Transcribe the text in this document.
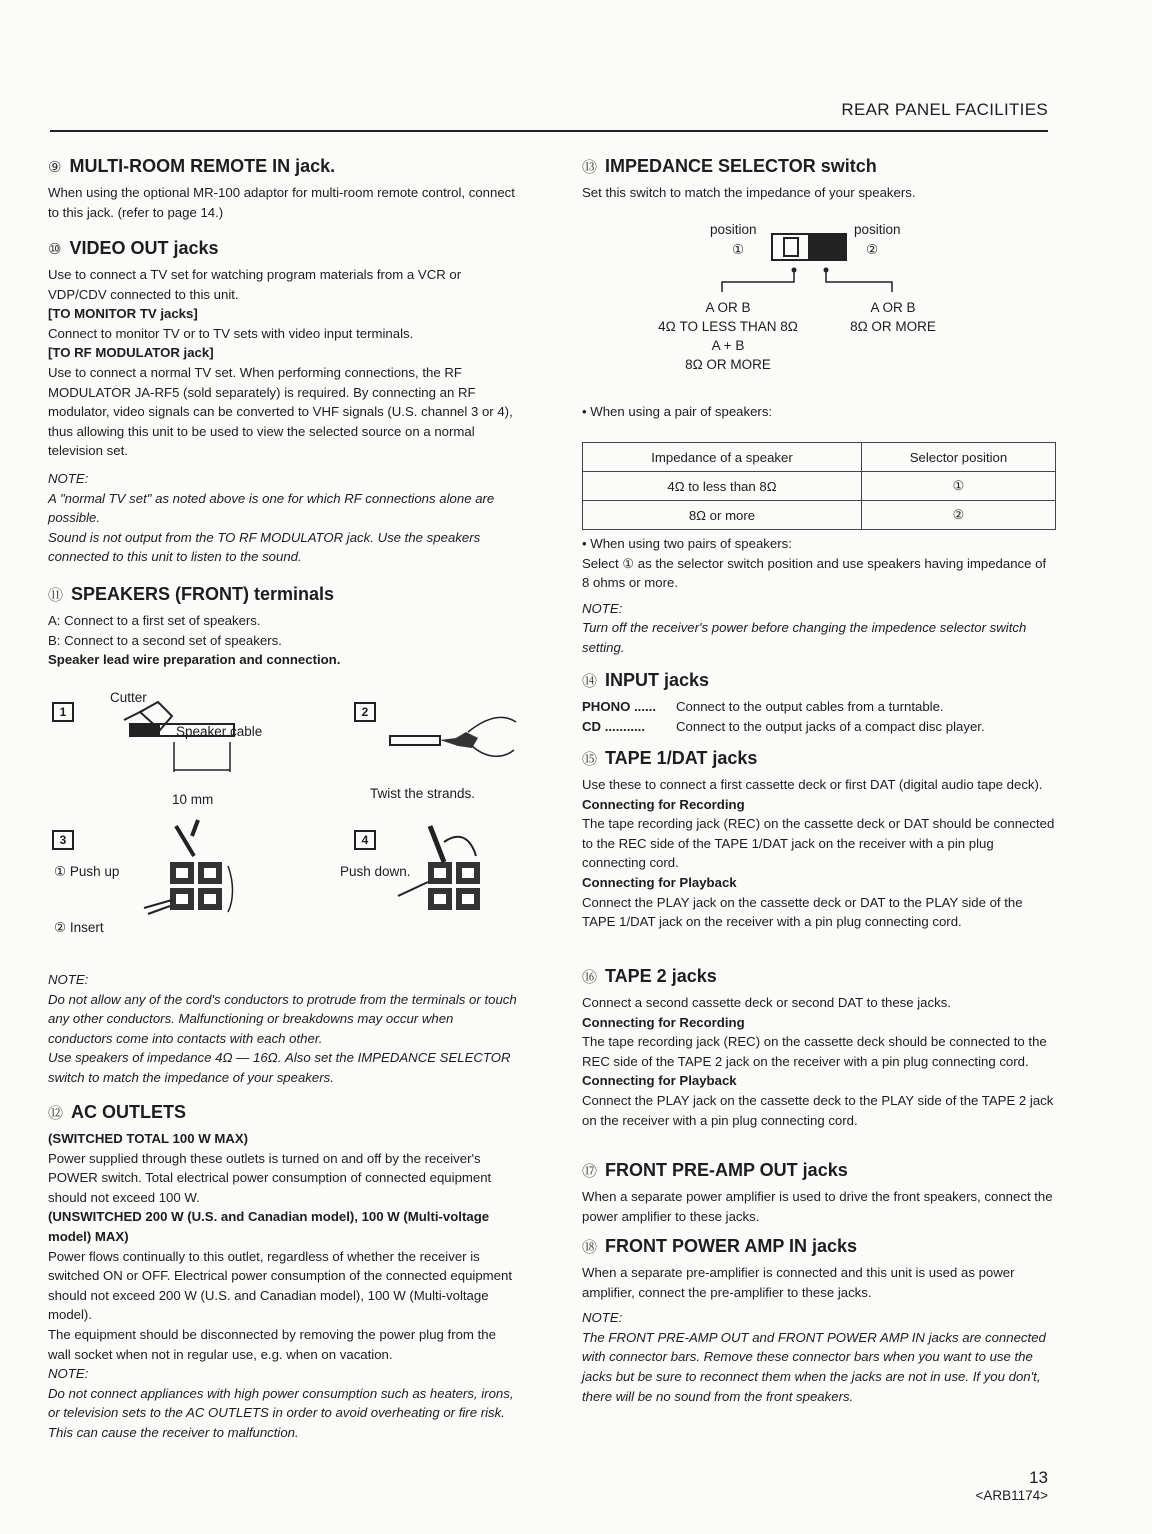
REAR PANEL FACILITIES
⑨ MULTI-ROOM REMOTE IN jack.

When using the optional MR-100 adaptor for multi-room remote control, connect to this jack. (refer to page 14.)

⑩ VIDEO OUT jacks

Use to connect a TV set for watching program materials from a VCR or VDP/CDV connected to this unit.

[TO MONITOR TV jacks]

Connect to monitor TV or to TV sets with video input terminals.

[TO RF MODULATOR jack]

Use to connect a normal TV set. When performing connections, the RF MODULATOR JA-RF5 (sold separately) is required. By connecting an RF modulator, video signals can be converted to VHF signals (U.S. channel 3 or 4), thus allowing this unit to be used to view the selected source on a normal television set.

NOTE:

A "normal TV set" as noted above is one for which RF connections alone are possible.

Sound is not output from the TO RF MODULATOR jack. Use the speakers connected to this unit to listen to the sound.

⑪ SPEAKERS (FRONT) terminals

A: Connect to a first set of speakers.

B: Connect to a second set of speakers.

Speaker lead wire preparation and connection.

1	2
3	4
Cutter
Speaker cable
10 mm	Twist the strands.
① Push up
② Insert
Push down.

NOTE:

Do not allow any of the cord's conductors to protrude from the terminals or touch any other conductors. Malfunctioning or breakdowns may occur when conductors come into contacts with each other.

Use speakers of impedance 4Ω — 16Ω. Also set the IMPEDANCE SELECTOR switch to match the impedance of your speakers.

⑫ AC OUTLETS

(SWITCHED TOTAL 100 W MAX)

Power supplied through these outlets is turned on and off by the receiver's POWER switch. Total electrical power consumption of connected equipment should not exceed 100 W.

(UNSWITCHED 200 W (U.S. and Canadian model), 100 W (Multi-voltage model) MAX)

Power flows continually to this outlet, regardless of whether the receiver is switched ON or OFF. Electrical power consumption of the connected equipment should not exceed 200 W (U.S. and Canadian model), 100 W (Multi-voltage model).

The equipment should be disconnected by removing the power plug from the wall socket when not in regular use, e.g. when on vacation.

NOTE:

Do not connect appliances with high power consumption such as heaters, irons, or television sets to the AC OUTLETS in order to avoid overheating or fire risk.

This can cause the receiver to malfunction.

⑬ IMPEDANCE SELECTOR switch

Set this switch to match the impedance of your speakers.

position
①
position
②
A OR B
4Ω TO LESS THAN 8Ω
A + B
8Ω OR MORE
A OR B
8Ω OR MORE

• When using a pair of speakers:

Impedance of a speaker	Selector position
4Ω to less than 8Ω	①
8Ω or more	②

• When using two pairs of speakers:

Select ① as the selector switch position and use speakers having impedance of 8 ohms or more.

NOTE:

Turn off the receiver's power before changing the impedence selector switch setting.

⑭ INPUT jacks

PHONO ...... Connect to the output cables from a turntable.

CD ........... Connect to the output jacks of a compact disc player.

⑮ TAPE 1/DAT jacks

Use these to connect a first cassette deck or first DAT (digital audio tape deck).

Connecting for Recording

The tape recording jack (REC) on the cassette deck or DAT should be connected to the REC side of the TAPE 1/DAT jack on the receiver with a pin plug connecting cord.

Connecting for Playback

Connect the PLAY jack on the cassette deck or DAT to the PLAY side of the TAPE 1/DAT jack on the receiver with a pin plug connecting cord.

⑯ TAPE 2 jacks

Connect a second cassette deck or second DAT to these jacks.

Connecting for Recording

The tape recording jack (REC) on the cassette deck should be connected to the REC side of the TAPE 2 jack on the receiver with a pin plug connecting cord.

Connecting for Playback

Connect the PLAY jack on the cassette deck to the PLAY side of the TAPE 2 jack on the receiver with a pin plug connecting cord.

⑰ FRONT PRE-AMP OUT jacks

When a separate power amplifier is used to drive the front speakers, connect the power amplifier to these jacks.

⑱ FRONT POWER AMP IN jacks

When a separate pre-amplifier is connected and this unit is used as power amplifier, connect the pre-amplifier to these jacks.

NOTE:

The FRONT PRE-AMP OUT and FRONT POWER AMP IN jacks are connected with connector bars. Remove these connector bars when you want to use the jacks but be sure to reconnect them when the jacks are not in use. If you don't, there will be no sound from the front speakers.

13
<ARB1174>
